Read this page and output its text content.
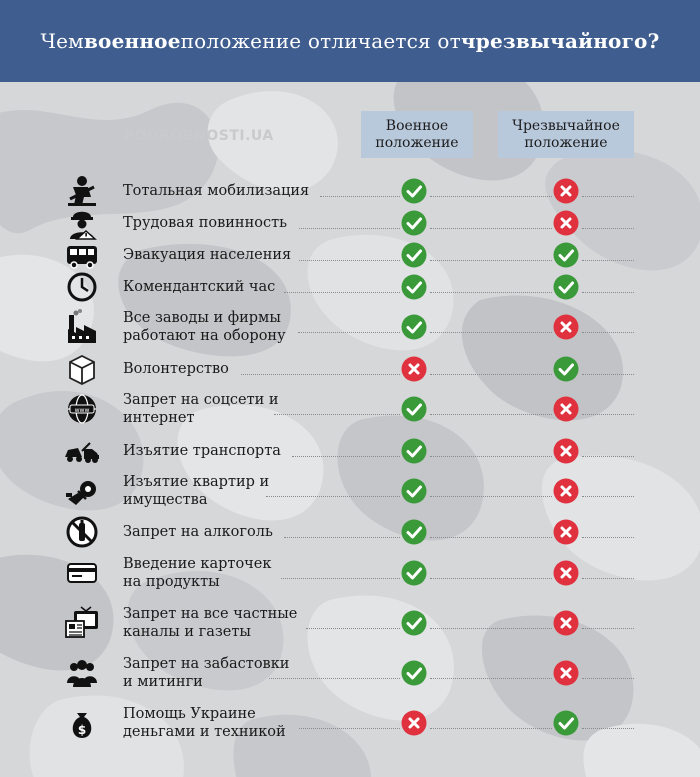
Чем военное положение отличается от чрезвычайного?
PODROBNOSTI.UA
Военное положение
Чрезвычайное положение
Тотальная мобилизация
Трудовая повинность
Эвакуация населения
Комендантский час
Все заводы и фирмы работают на оборону
Волонтерство
www
Запрет на соцсети и интернет
Изъятие транспорта
Изъятие квартир и имущества
Запрет на алкоголь
Введение карточек на продукты
Запрет на все частные каналы и газеты
Запрет на забастовки и митинги
$
Помощь Украине деньгами и техникой
